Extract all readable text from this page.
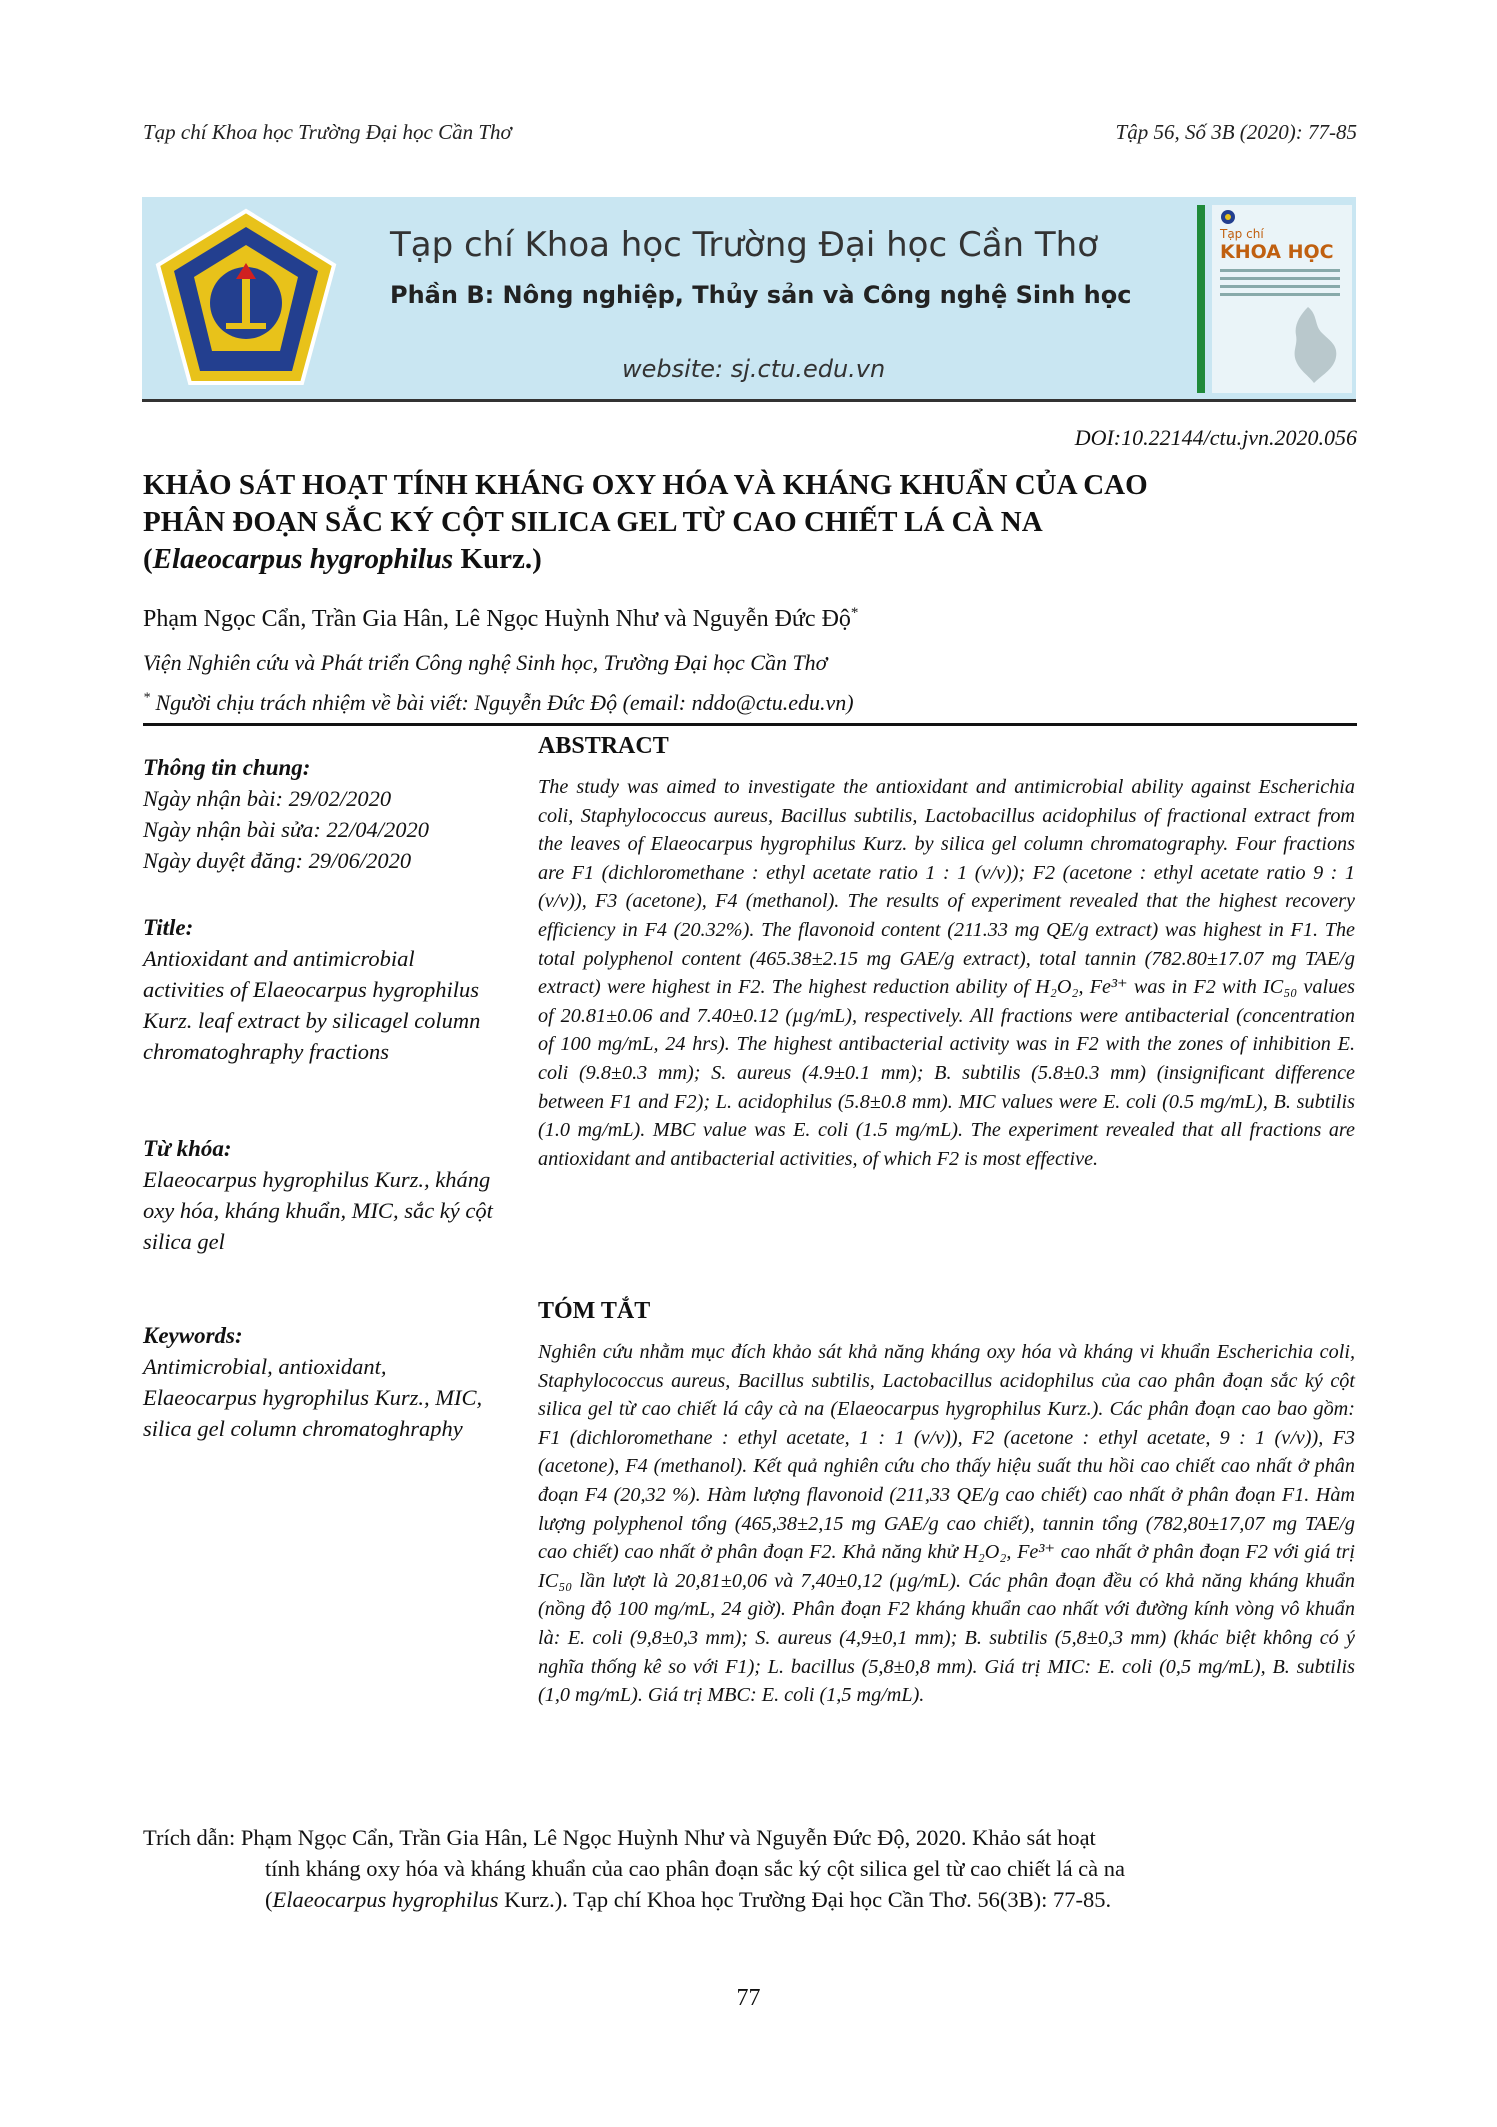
Tạp chí Khoa học Trường Đại học Cần Thơ	Tập 56, Số 3B (2020): 77-85
Tạp chí Khoa học Trường Đại học Cần Thơ
Phần B: Nông nghiệp, Thủy sản và Công nghệ Sinh học
website: sj.ctu.edu.vn
Tạp chí
KHOA HỌC
DOI:10.22144/ctu.jvn.2020.056
KHẢO SÁT HOẠT TÍNH KHÁNG OXY HÓA VÀ KHÁNG KHUẨN CỦA CAO
PHÂN ĐOẠN SẮC KÝ CỘT SILICA GEL TỪ CAO CHIẾT LÁ CÀ NA
(Elaeocarpus hygrophilus Kurz.)
Phạm Ngọc Cẩn, Trần Gia Hân, Lê Ngọc Huỳnh Như và Nguyễn Đức Độ*
Viện Nghiên cứu và Phát triển Công nghệ Sinh học, Trường Đại học Cần Thơ
* Người chịu trách nhiệm về bài viết: Nguyễn Đức Độ (email: nddo@ctu.edu.vn)
Thông tin chung:
Ngày nhận bài: 29/02/2020
Ngày nhận bài sửa: 22/04/2020
Ngày duyệt đăng: 29/06/2020
Title:
Antioxidant and antimicrobial activities of Elaeocarpus hygrophilus Kurz. leaf extract by silicagel column chromatoghraphy fractions
Từ khóa:
Elaeocarpus hygrophilus Kurz., kháng oxy hóa, kháng khuẩn, MIC, sắc ký cột silica gel
Keywords:
Antimicrobial, antioxidant, Elaeocarpus hygrophilus Kurz., MIC, silica gel column chromatoghraphy
ABSTRACT
The study was aimed to investigate the antioxidant and antimicrobial ability against Escherichia coli, Staphylococcus aureus, Bacillus subtilis, Lactobacillus acidophilus of fractional extract from the leaves of Elaeocarpus hygrophilus Kurz. by silica gel column chromatography. Four fractions are F1 (dichloromethane : ethyl acetate ratio 1 : 1 (v/v)); F2 (acetone : ethyl acetate ratio 9 : 1 (v/v)), F3 (acetone), F4 (methanol). The results of experiment revealed that the highest recovery efficiency in F4 (20.32%). The flavonoid content (211.33 mg QE/g extract) was highest in F1. The total polyphenol content (465.38±2.15 mg GAE/g extract), total tannin (782.80±17.07 mg TAE/g extract) were highest in F2. The highest reduction ability of H₂O₂, Fe³⁺ was in F2 with IC₅₀ values of 20.81±0.06 and 7.40±0.12 (µg/mL), respectively. All fractions were antibacterial (concentration of 100 mg/mL, 24 hrs). The highest antibacterial activity was in F2 with the zones of inhibition E. coli (9.8±0.3 mm); S. aureus (4.9±0.1 mm); B. subtilis (5.8±0.3 mm) (insignificant difference between F1 and F2); L. acidophilus (5.8±0.8 mm). MIC values were E. coli (0.5 mg/mL), B. subtilis (1.0 mg/mL). MBC value was E. coli (1.5 mg/mL). The experiment revealed that all fractions are antioxidant and antibacterial activities, of which F2 is most effective.
TÓM TẮT
Nghiên cứu nhằm mục đích khảo sát khả năng kháng oxy hóa và kháng vi khuẩn Escherichia coli, Staphylococcus aureus, Bacillus subtilis, Lactobacillus acidophilus của cao phân đoạn sắc ký cột silica gel từ cao chiết lá cây cà na (Elaeocarpus hygrophilus Kurz.). Các phân đoạn cao bao gồm: F1 (dichloromethane : ethyl acetate, 1 : 1 (v/v)), F2 (acetone : ethyl acetate, 9 : 1 (v/v)), F3 (acetone), F4 (methanol). Kết quả nghiên cứu cho thấy hiệu suất thu hồi cao chiết cao nhất ở phân đoạn F4 (20,32 %). Hàm lượng flavonoid (211,33 QE/g cao chiết) cao nhất ở phân đoạn F1. Hàm lượng polyphenol tổng (465,38±2,15 mg GAE/g cao chiết), tannin tổng (782,80±17,07 mg TAE/g cao chiết) cao nhất ở phân đoạn F2. Khả năng khử H₂O₂, Fe³⁺ cao nhất ở phân đoạn F2 với giá trị IC₅₀ lần lượt là 20,81±0,06 và 7,40±0,12 (µg/mL). Các phân đoạn đều có khả năng kháng khuẩn (nồng độ 100 mg/mL, 24 giờ). Phân đoạn F2 kháng khuẩn cao nhất với đường kính vòng vô khuẩn là: E. coli (9,8±0,3 mm); S. aureus (4,9±0,1 mm); B. subtilis (5,8±0,3 mm) (khác biệt không có ý nghĩa thống kê so với F1); L. bacillus (5,8±0,8 mm). Giá trị MIC: E. coli (0,5 mg/mL), B. subtilis (1,0 mg/mL). Giá trị MBC: E. coli (1,5 mg/mL).
Trích dẫn: Phạm Ngọc Cẩn, Trần Gia Hân, Lê Ngọc Huỳnh Như và Nguyễn Đức Độ, 2020. Khảo sát hoạt
tính kháng oxy hóa và kháng khuẩn của cao phân đoạn sắc ký cột silica gel từ cao chiết lá cà na
(Elaeocarpus hygrophilus Kurz.). Tạp chí Khoa học Trường Đại học Cần Thơ. 56(3B): 77-85.
77
